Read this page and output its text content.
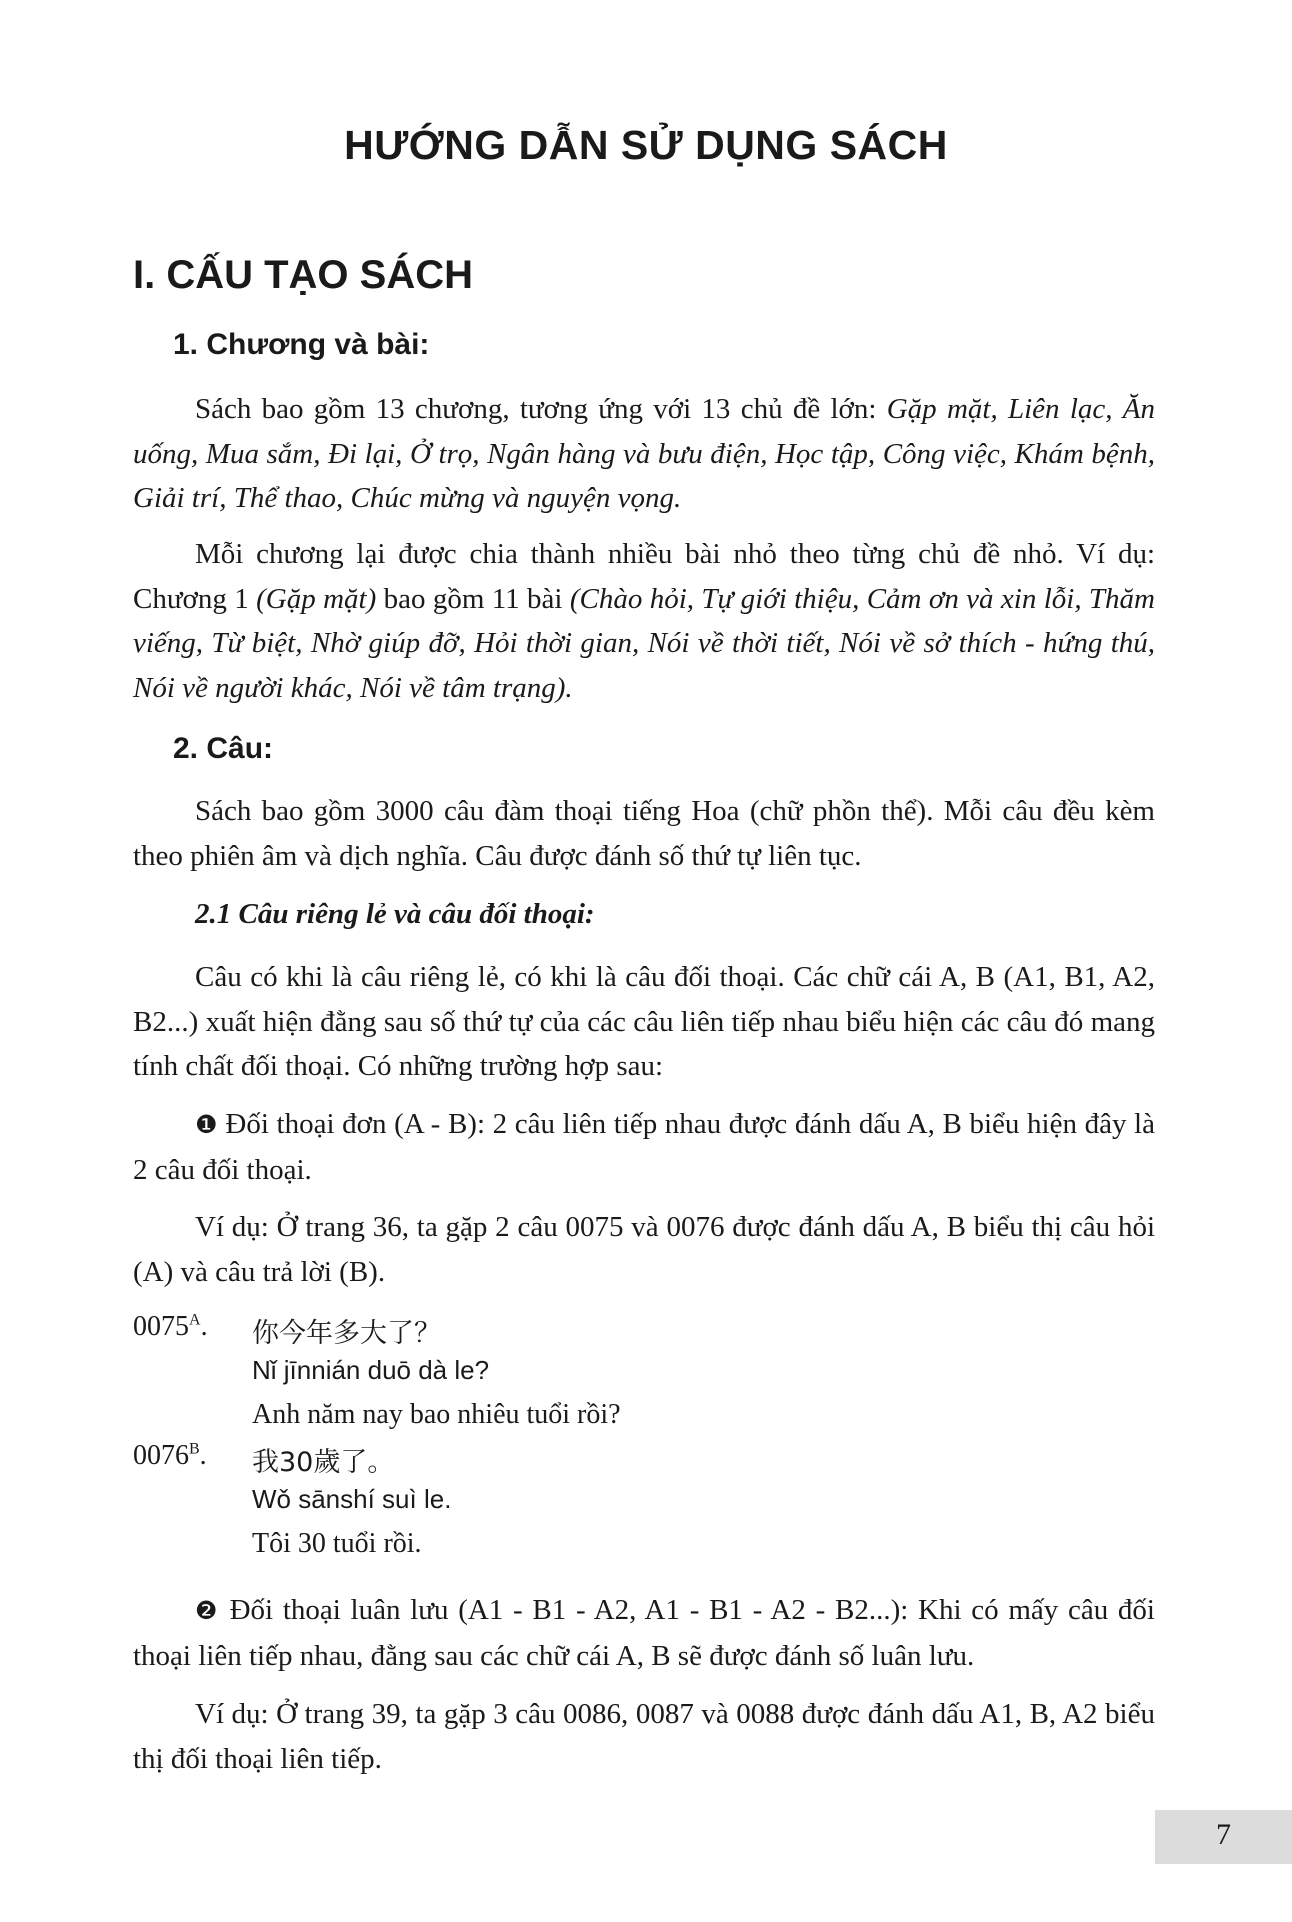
HƯỚNG DẪN SỬ DỤNG SÁCH
I. CẤU TẠO SÁCH
1. Chương và bài:
Sách bao gồm 13 chương, tương ứng với 13 chủ đề lớn: Gặp mặt, Liên lạc, Ăn uống, Mua sắm, Đi lại, Ở trọ, Ngân hàng và bưu điện, Học tập, Công việc, Khám bệnh, Giải trí, Thể thao, Chúc mừng và nguyện vọng.
Mỗi chương lại được chia thành nhiều bài nhỏ theo từng chủ đề nhỏ. Ví dụ: Chương 1 (Gặp mặt) bao gồm 11 bài (Chào hỏi, Tự giới thiệu, Cảm ơn và xin lỗi, Thăm viếng, Từ biệt, Nhờ giúp đỡ, Hỏi thời gian, Nói về thời tiết, Nói về sở thích - hứng thú, Nói về người khác, Nói về tâm trạng).
2. Câu:
Sách bao gồm 3000 câu đàm thoại tiếng Hoa (chữ phồn thể). Mỗi câu đều kèm theo phiên âm và dịch nghĩa. Câu được đánh số thứ tự liên tục.
2.1 Câu riêng lẻ và câu đối thoại:
Câu có khi là câu riêng lẻ, có khi là câu đối thoại. Các chữ cái A, B (A1, B1, A2, B2...) xuất hiện đằng sau số thứ tự của các câu liên tiếp nhau biểu hiện các câu đó mang tính chất đối thoại. Có những trường hợp sau:
❶ Đối thoại đơn (A - B): 2 câu liên tiếp nhau được đánh dấu A, B biểu hiện đây là 2 câu đối thoại.
Ví dụ: Ở trang 36, ta gặp 2 câu 0075 và 0076 được đánh dấu A, B biểu thị câu hỏi (A) và câu trả lời (B).
$0075^A$. 你今年多大了？
Nǐ jīnnián duō dà le?
Anh năm nay bao nhiêu tuổi rồi?
$0076^B$. 我30歲了。
Wǒ sānshí suì le.
Tôi 30 tuổi rồi.
❷ Đối thoại luân lưu (A1 - B1 - A2, A1 - B1 - A2 - B2...): Khi có mấy câu đối thoại liên tiếp nhau, đằng sau các chữ cái A, B sẽ được đánh số luân lưu.
Ví dụ: Ở trang 39, ta gặp 3 câu 0086, 0087 và 0088 được đánh dấu A1, B, A2 biểu thị đối thoại liên tiếp.
7
